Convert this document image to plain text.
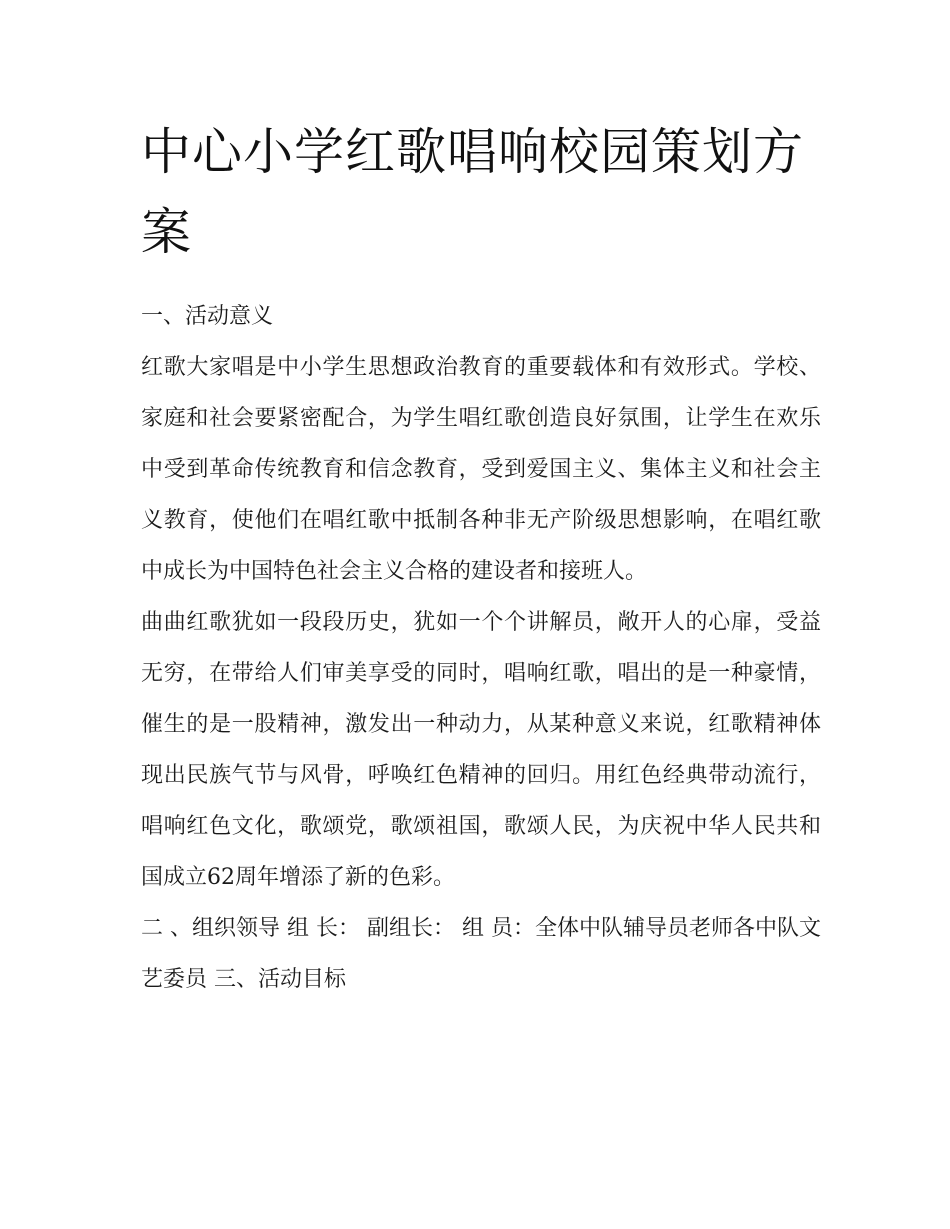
中心小学红歌唱响校园策划方案
一、活动意义

红歌大家唱是中小学生思想政治教育的重要载体和有效形式。学校、家庭和社会要紧密配合，为学生唱红歌创造良好氛围，让学生在欢乐中受到革命传统教育和信念教育，受到爱国主义、集体主义和社会主义教育，使他们在唱红歌中抵制各种非无产阶级思想影响，在唱红歌中成长为中国特色社会主义合格的建设者和接班人。

曲曲红歌犹如一段段历史，犹如一个个讲解员，敞开人的心扉，受益无穷，在带给人们审美享受的同时，唱响红歌，唱出的是一种豪情，催生的是一股精神，激发出一种动力，从某种意义来说，红歌精神体现出民族气节与风骨，呼唤红色精神的回归。用红色经典带动流行，唱响红色文化，歌颂党，歌颂祖国，歌颂人民，为庆祝中华人民共和国成立62周年增添了新的色彩。

二 、组织领导 组 长： 副组长： 组 员：全体中队辅导员老师各中队文艺委员 三、活动目标
